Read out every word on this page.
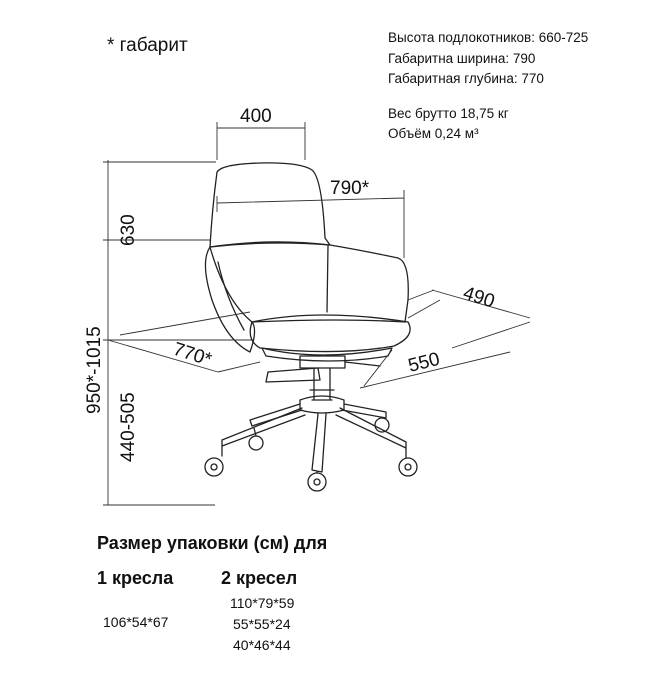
* габарит	Высота подлокотников: 660-725
Габаритна ширина: 790
Габаритная глубина: 770
Вес брутто 18,75 кг
Объём 0,24 м³
400
790*
630
950*-1015
440-505
490
550
770*
Размер упаковки (см) для
1 кресла	2 кресел
106*54*67
110*79*59
55*55*24
40*46*44
